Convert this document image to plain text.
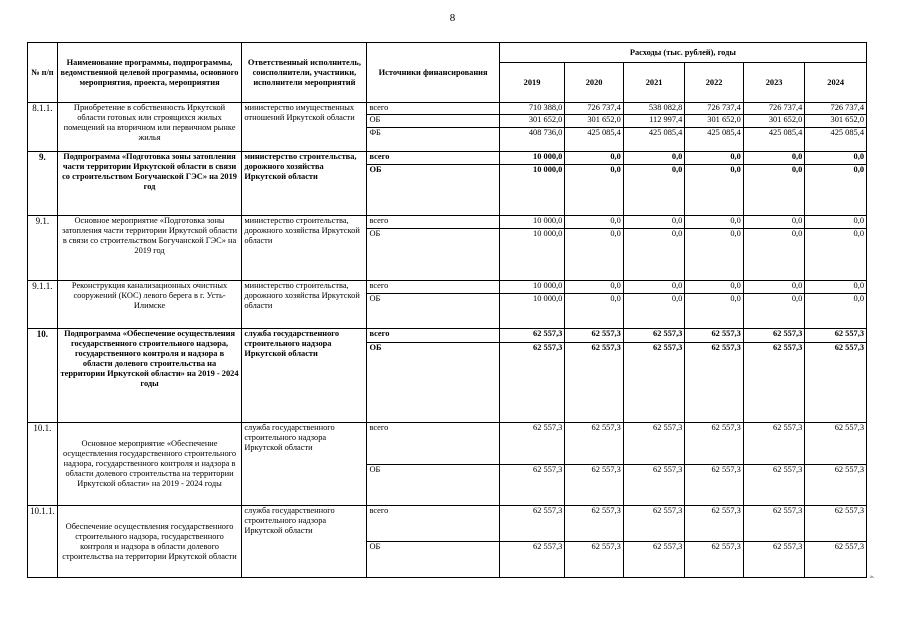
8
№ п/п	Наименование программы, подпрограммы, ведомственной целевой программы, основного мероприятия, проекта, мероприятия	Ответственный исполнитель, соисполнители, участники, исполнители мероприятий	Источники финансирования	Расходы (тыс. рублей), годы					
				2019	2020	2021	2022	2023	2024
8.1.1.	Приобретение в собственность Иркутской области готовых или строящихся жилых помещений на вторичном или первичном рынке жилья	министерство имущественных отношений Иркутской области	всего	710 388,0	726 737,4	538 082,8	726 737,4	726 737,4	726 737,4
			ОБ	301 652,0	301 652,0	112 997,4	301 652,0	301 652,0	301 652,0
			ФБ	408 736,0	425 085,4	425 085,4	425 085,4	425 085,4	425 085,4
9.	Подпрограмма «Подготовка зоны затопления части территории Иркутской области в связи со строительством Богучанской ГЭС» на 2019 год	министерство строительства, дорожного хозяйства Иркутской области	всего	10 000,0	0,0	0,0	0,0	0,0	0,0
			ОБ	10 000,0	0,0	0,0	0,0	0,0	0,0
9.1.	Основное мероприятие «Подготовка зоны затопления части территории Иркутской области в связи со строительством Богучанской ГЭС» на 2019 год	министерство строительства, дорожного хозяйства Иркутской области	всего	10 000,0	0,0	0,0	0,0	0,0	0,0
			ОБ	10 000,0	0,0	0,0	0,0	0,0	0,0
9.1.1.	Реконструкция канализационных очистных сооружений (КОС) левого берега в г. Усть-Илимске	министерство строительства, дорожного хозяйства Иркутской области	всего	10 000,0	0,0	0,0	0,0	0,0	0,0
			ОБ	10 000,0	0,0	0,0	0,0	0,0	0,0
10.	Подпрограмма «Обеспечение осуществления государственного строительного надзора, государственного контроля и надзора в области долевого строительства на территории Иркутской области» на 2019 - 2024 годы	служба государственного строительного надзора Иркутской области	всего	62 557,3	62 557,3	62 557,3	62 557,3	62 557,3	62 557,3
			ОБ	62 557,3	62 557,3	62 557,3	62 557,3	62 557,3	62 557,3
10.1.	Основное мероприятие «Обеспечение осуществления государственного строительного надзора, государственного контроля и надзора в области долевого строительства на территории Иркутской области» на 2019 - 2024 годы	служба государственного строительного надзора Иркутской области	всего	62 557,3	62 557,3	62 557,3	62 557,3	62 557,3	62 557,3
			ОБ	62 557,3	62 557,3	62 557,3	62 557,3	62 557,3	62 557,3
10.1.1.	Обеспечение осуществления государственного строительного надзора, государственного контроля и надзора в области долевого строительства на территории Иркутской области	служба государственного строительного надзора Иркутской области	всего	62 557,3	62 557,3	62 557,3	62 557,3	62 557,3	62 557,3
			ОБ	62 557,3	62 557,3	62 557,3	62 557,3	62 557,3	62 557,3
».
